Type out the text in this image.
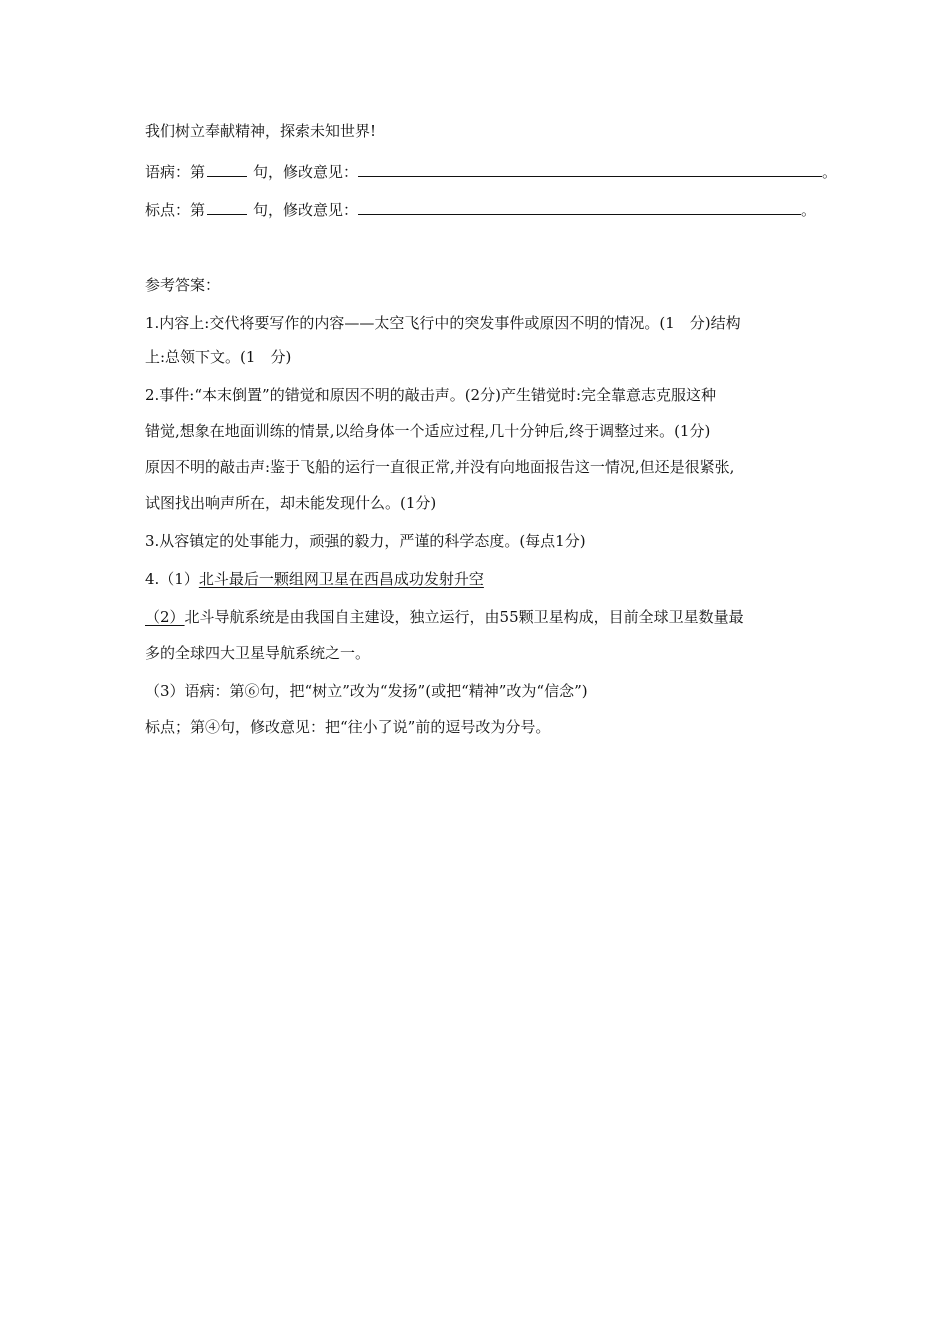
我们树立奉献精神，探索未知世界!
语病：第	句，修改意见：	。
标点：第	句，修改意见：	。
参考答案：
1.内容上:交代将要写作的内容——太空飞行中的突发事件或原因不明的情况。(1　分)结构
上:总领下文。(1　分)
2.事件:“本末倒置”的错觉和原因不明的敲击声。(2分)产生错觉时:完全靠意志克服这种
错觉,想象在地面训练的情景,以给身体一个适应过程,几十分钟后,终于调整过来。(1分)
原因不明的敲击声:鉴于飞船的运行一直很正常,并没有向地面报告这一情况,但还是很紧张,
试图找出响声所在，却未能发现什么。(1分)
3.从容镇定的处事能力，顽强的毅力，严谨的科学态度。(每点1分)
4.（1）北斗最后一颗组网卫星在西昌成功发射升空
（2）北斗导航系统是由我国自主建设，独立运行，由55颗卫星构成，目前全球卫星数量最
多的全球四大卫星导航系统之一。
（3）语病：第⑥句，把“树立”改为“发扬”(或把“精神”改为“信念”)
标点；第④句，修改意见：把“往小了说”前的逗号改为分号。
